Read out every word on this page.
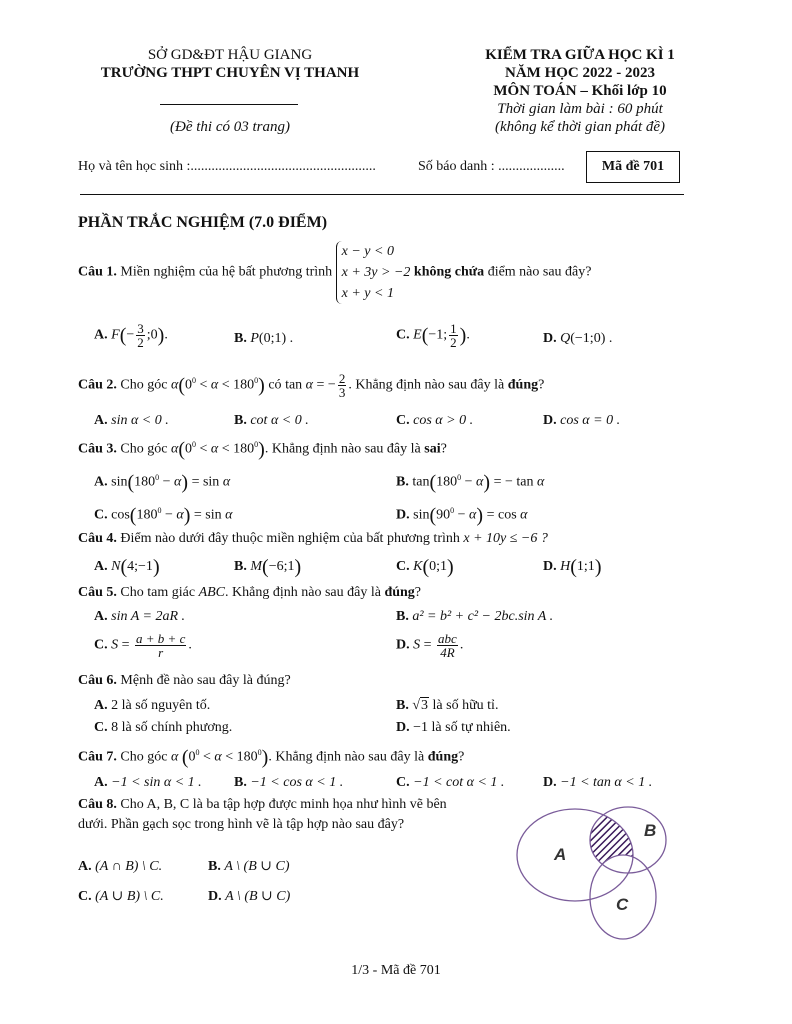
SỞ GD&ĐT HẬU GIANG
TRƯỜNG THPT CHUYÊN VỊ THANH
(Đề thi có 03 trang)
KIỂM TRA GIỮA HỌC KÌ 1
NĂM HỌC 2022 - 2023
MÔN TOÁN – Khối lớp 10
Thời gian làm bài : 60 phút
(không kể thời gian phát đề)
Họ và tên học sinh :.....................................................	Số báo danh : ...................	Mã đề 701
PHẦN TRẮC NGHIỆM (7.0 ĐIỂM)
Câu 1. Miền nghiệm của hệ bất phương trình
x − y < 0
x + 3y > −2
x + y < 1
không chứa điểm nào sau đây?
A. $F(- \frac{3}{2}$ ;0).	B. P(0;1) .	C. E(−1; $\frac{1}{2}$ ).	D. Q(−1;0) .
Câu 2. Cho góc $\alpha(0^0 < \alpha < 180^0)$ có tan α = − $\frac{2}{3}$ . Khẳng định nào sau đây là đúng?
A. sin α < 0 .	B. cot α < 0 .	C. cos α > 0 .	D. cos α = 0 .
Câu 3. Cho góc $\alpha(0^0 < \alpha < 180^0)$. Khẳng định nào sau đây là sai?
A. $\sin(180^0 - \alpha) = \sin \alpha$	B. $\tan(180^0 - \alpha)$ = − tan α
C. $\cos(180^0 - \alpha) = \sin \alpha$	D. $\sin(90^0 - \alpha) = \cos \alpha$
Câu 4. Điểm nào dưới đây thuộc miền nghiệm của bất phương trình x + 10y ≤ −6 ?
A. N(4;−1)	B. M(−6;1)	C. K(0;1)	D. H(1;1)
Câu 5. Cho tam giác ABC. Khẳng định nào sau đây là đúng?
A. sin A = 2aR .	B. a² = b² + c² − 2bc.sin A .
C. $S = \frac{a + b + c}{r}$ .	D. $S = \frac{\text{abc}}{4R}$ .
Câu 6. Mệnh đề nào sau đây là đúng?
A. 2 là số nguyên tố.	B. √3 là số hữu tỉ.
C. 8 là số chính phương.	D. −1 là số tự nhiên.
Câu 7. Cho góc α $(0^0 < \alpha < 180^0)$. Khẳng định nào sau đây là đúng?
A. −1 < sin α < 1 . B. −1 < cos α < 1 .	C. −1 < cot α < 1 .	D. −1 < tan α < 1 .
Câu 8. Cho A, B, C là ba tập hợp được minh họa như hình vẽ bên
dưới. Phần gạch sọc trong hình vẽ là tập hợp nào sau đây?
A. (A ∩ B) \ C.	B. A \ (B ∪ C)
C. (A ∪ B) \ C.	D. A \ (B ∪ C)
A
B
C
1/3 - Mã đề 701
